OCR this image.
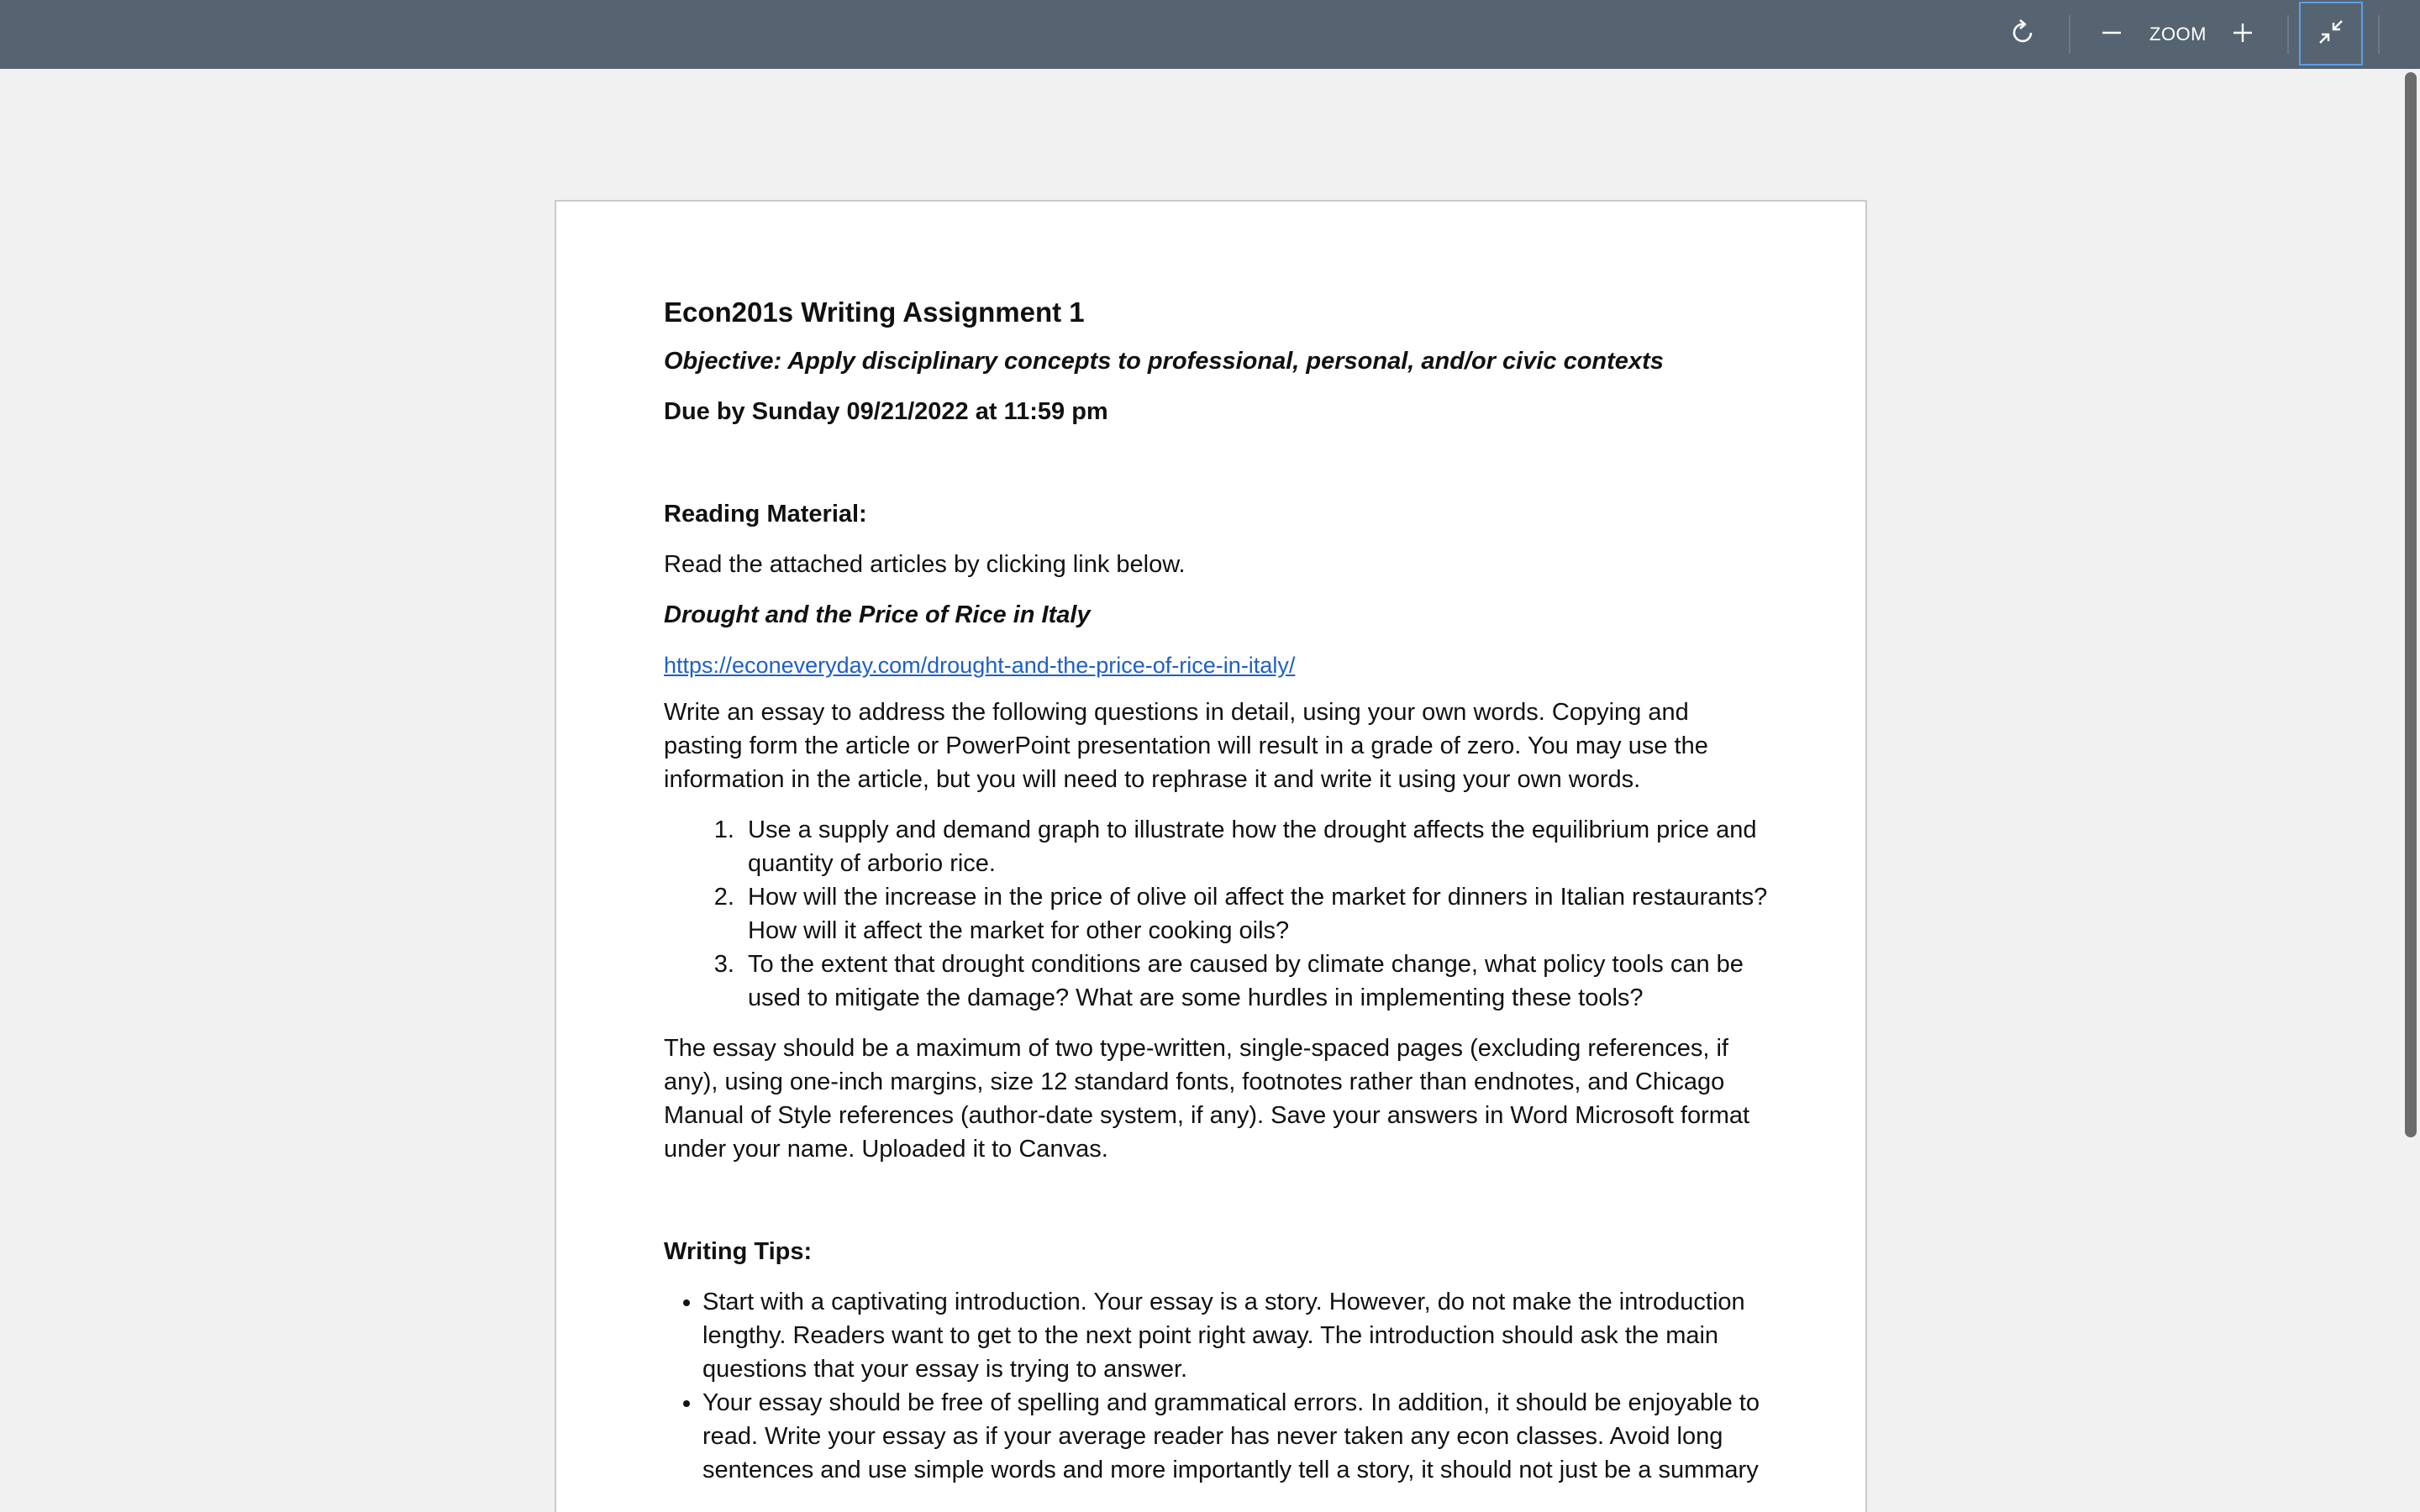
ZOOM
Econ201s Writing Assignment 1
Objective: Apply disciplinary concepts to professional, personal, and/or civic contexts
Due by Sunday 09/21/2022 at 11:59 pm
Reading Material:
Read the attached articles by clicking link below.
Drought and the Price of Rice in Italy
https://econeveryday.com/drought-and-the-price-of-rice-in-italy/
Write an essay to address the following questions in detail, using your own words. Copying and pasting form the article or PowerPoint presentation will result in a grade of zero. You may use the information in the article, but you will need to rephrase it and write it using your own words.
1. Use a supply and demand graph to illustrate how the drought affects the equilibrium price and quantity of arborio rice.
2. How will the increase in the price of olive oil affect the market for dinners in Italian restaurants? How will it affect the market for other cooking oils?
3. To the extent that drought conditions are caused by climate change, what policy tools can be used to mitigate the damage? What are some hurdles in implementing these tools?
The essay should be a maximum of two type-written, single-spaced pages (excluding references, if any), using one-inch margins, size 12 standard fonts, footnotes rather than endnotes, and Chicago Manual of Style references (author-date system, if any). Save your answers in Word Microsoft format under your name. Uploaded it to Canvas.
Writing Tips:
• Start with a captivating introduction. Your essay is a story. However, do not make the introduction lengthy. Readers want to get to the next point right away. The introduction should ask the main questions that your essay is trying to answer.
• Your essay should be free of spelling and grammatical errors. In addition, it should be enjoyable to read. Write your essay as if your average reader has never taken any econ classes. Avoid long sentences and use simple words and more importantly tell a story, it should not just be a summary
